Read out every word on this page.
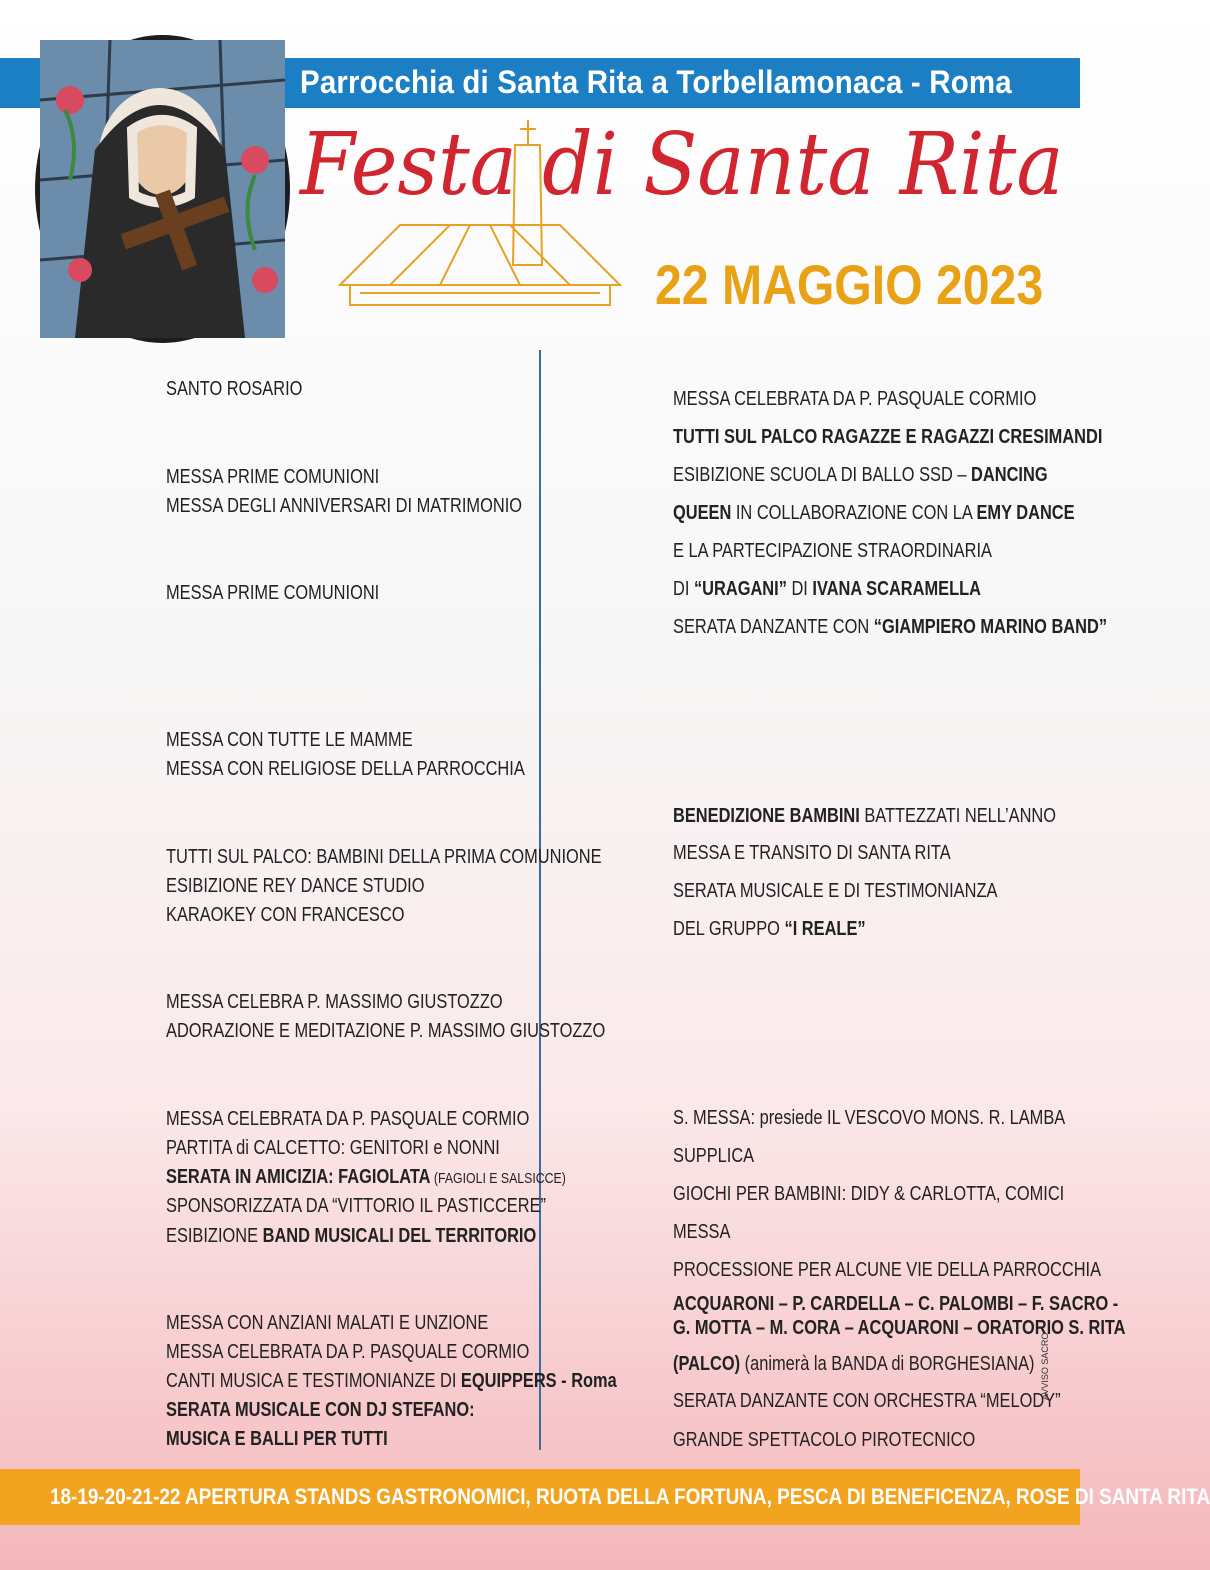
Parrocchia di Santa Rita a Torbellamonaca - Roma
Festa di Santa Rita
22 MAGGIO 2023
SANTO ROSARIO
MESSA PRIME COMUNIONI
MESSA DEGLI ANNIVERSARI DI MATRIMONIO
MESSA PRIME COMUNIONI
MESSA CON TUTTE LE MAMME
MESSA CON RELIGIOSE DELLA PARROCCHIA
TUTTI SUL PALCO: BAMBINI DELLA PRIMA COMUNIONE
ESIBIZIONE REY DANCE STUDIO
KARAOKEY CON FRANCESCO
MESSA CELEBRA P. MASSIMO GIUSTOZZO
ADORAZIONE E MEDITAZIONE P. MASSIMO GIUSTOZZO
MESSA CELEBRATA DA P. PASQUALE CORMIO
PARTITA di CALCETTO: GENITORI e NONNI
SERATA IN AMICIZIA: FAGIOLATA (FAGIOLI E SALSICCE)
SPONSORIZZATA DA “VITTORIO IL PASTICCERE”
ESIBIZIONE BAND MUSICALI DEL TERRITORIO
MESSA CON ANZIANI MALATI E UNZIONE
MESSA CELEBRATA DA P. PASQUALE CORMIO
CANTI MUSICA E TESTIMONIANZE DI EQUIPPERS - Roma
SERATA MUSICALE CON DJ STEFANO:
MUSICA E BALLI PER TUTTI
MESSA CELEBRATA DA P. PASQUALE CORMIO
TUTTI SUL PALCO RAGAZZE E RAGAZZI CRESIMANDI
ESIBIZIONE SCUOLA DI BALLO SSD – DANCING
QUEEN IN COLLABORAZIONE CON LA EMY DANCE
E LA PARTECIPAZIONE STRAORDINARIA
DI “URAGANI” DI IVANA SCARAMELLA
SERATA DANZANTE CON “GIAMPIERO MARINO BAND”
BENEDIZIONE BAMBINI BATTEZZATI NELL’ANNO
MESSA E TRANSITO DI SANTA RITA
SERATA MUSICALE E DI TESTIMONIANZA
DEL GRUPPO “I REALE”
S. MESSA: presiede IL VESCOVO MONS. R. LAMBA
SUPPLICA
GIOCHI PER BAMBINI: DIDY & CARLOTTA, COMICI
MESSA
PROCESSIONE PER ALCUNE VIE DELLA PARROCCHIA
ACQUARONI – P. CARDELLA – C. PALOMBI – F. SACRO -
G. MOTTA – M. CORA – ACQUARONI – ORATORIO S. RITA
(PALCO) (animerà la BANDA di BORGHESIANA)
SERATA DANZANTE CON ORCHESTRA “MELODY”
GRANDE SPETTACOLO PIROTECNICO
18-19-20-21-22 APERTURA STANDS GASTRONOMICI, RUOTA DELLA FORTUNA, PESCA DI BENEFICENZA, ROSE DI SANTA RITA
AVVISO SACRO
